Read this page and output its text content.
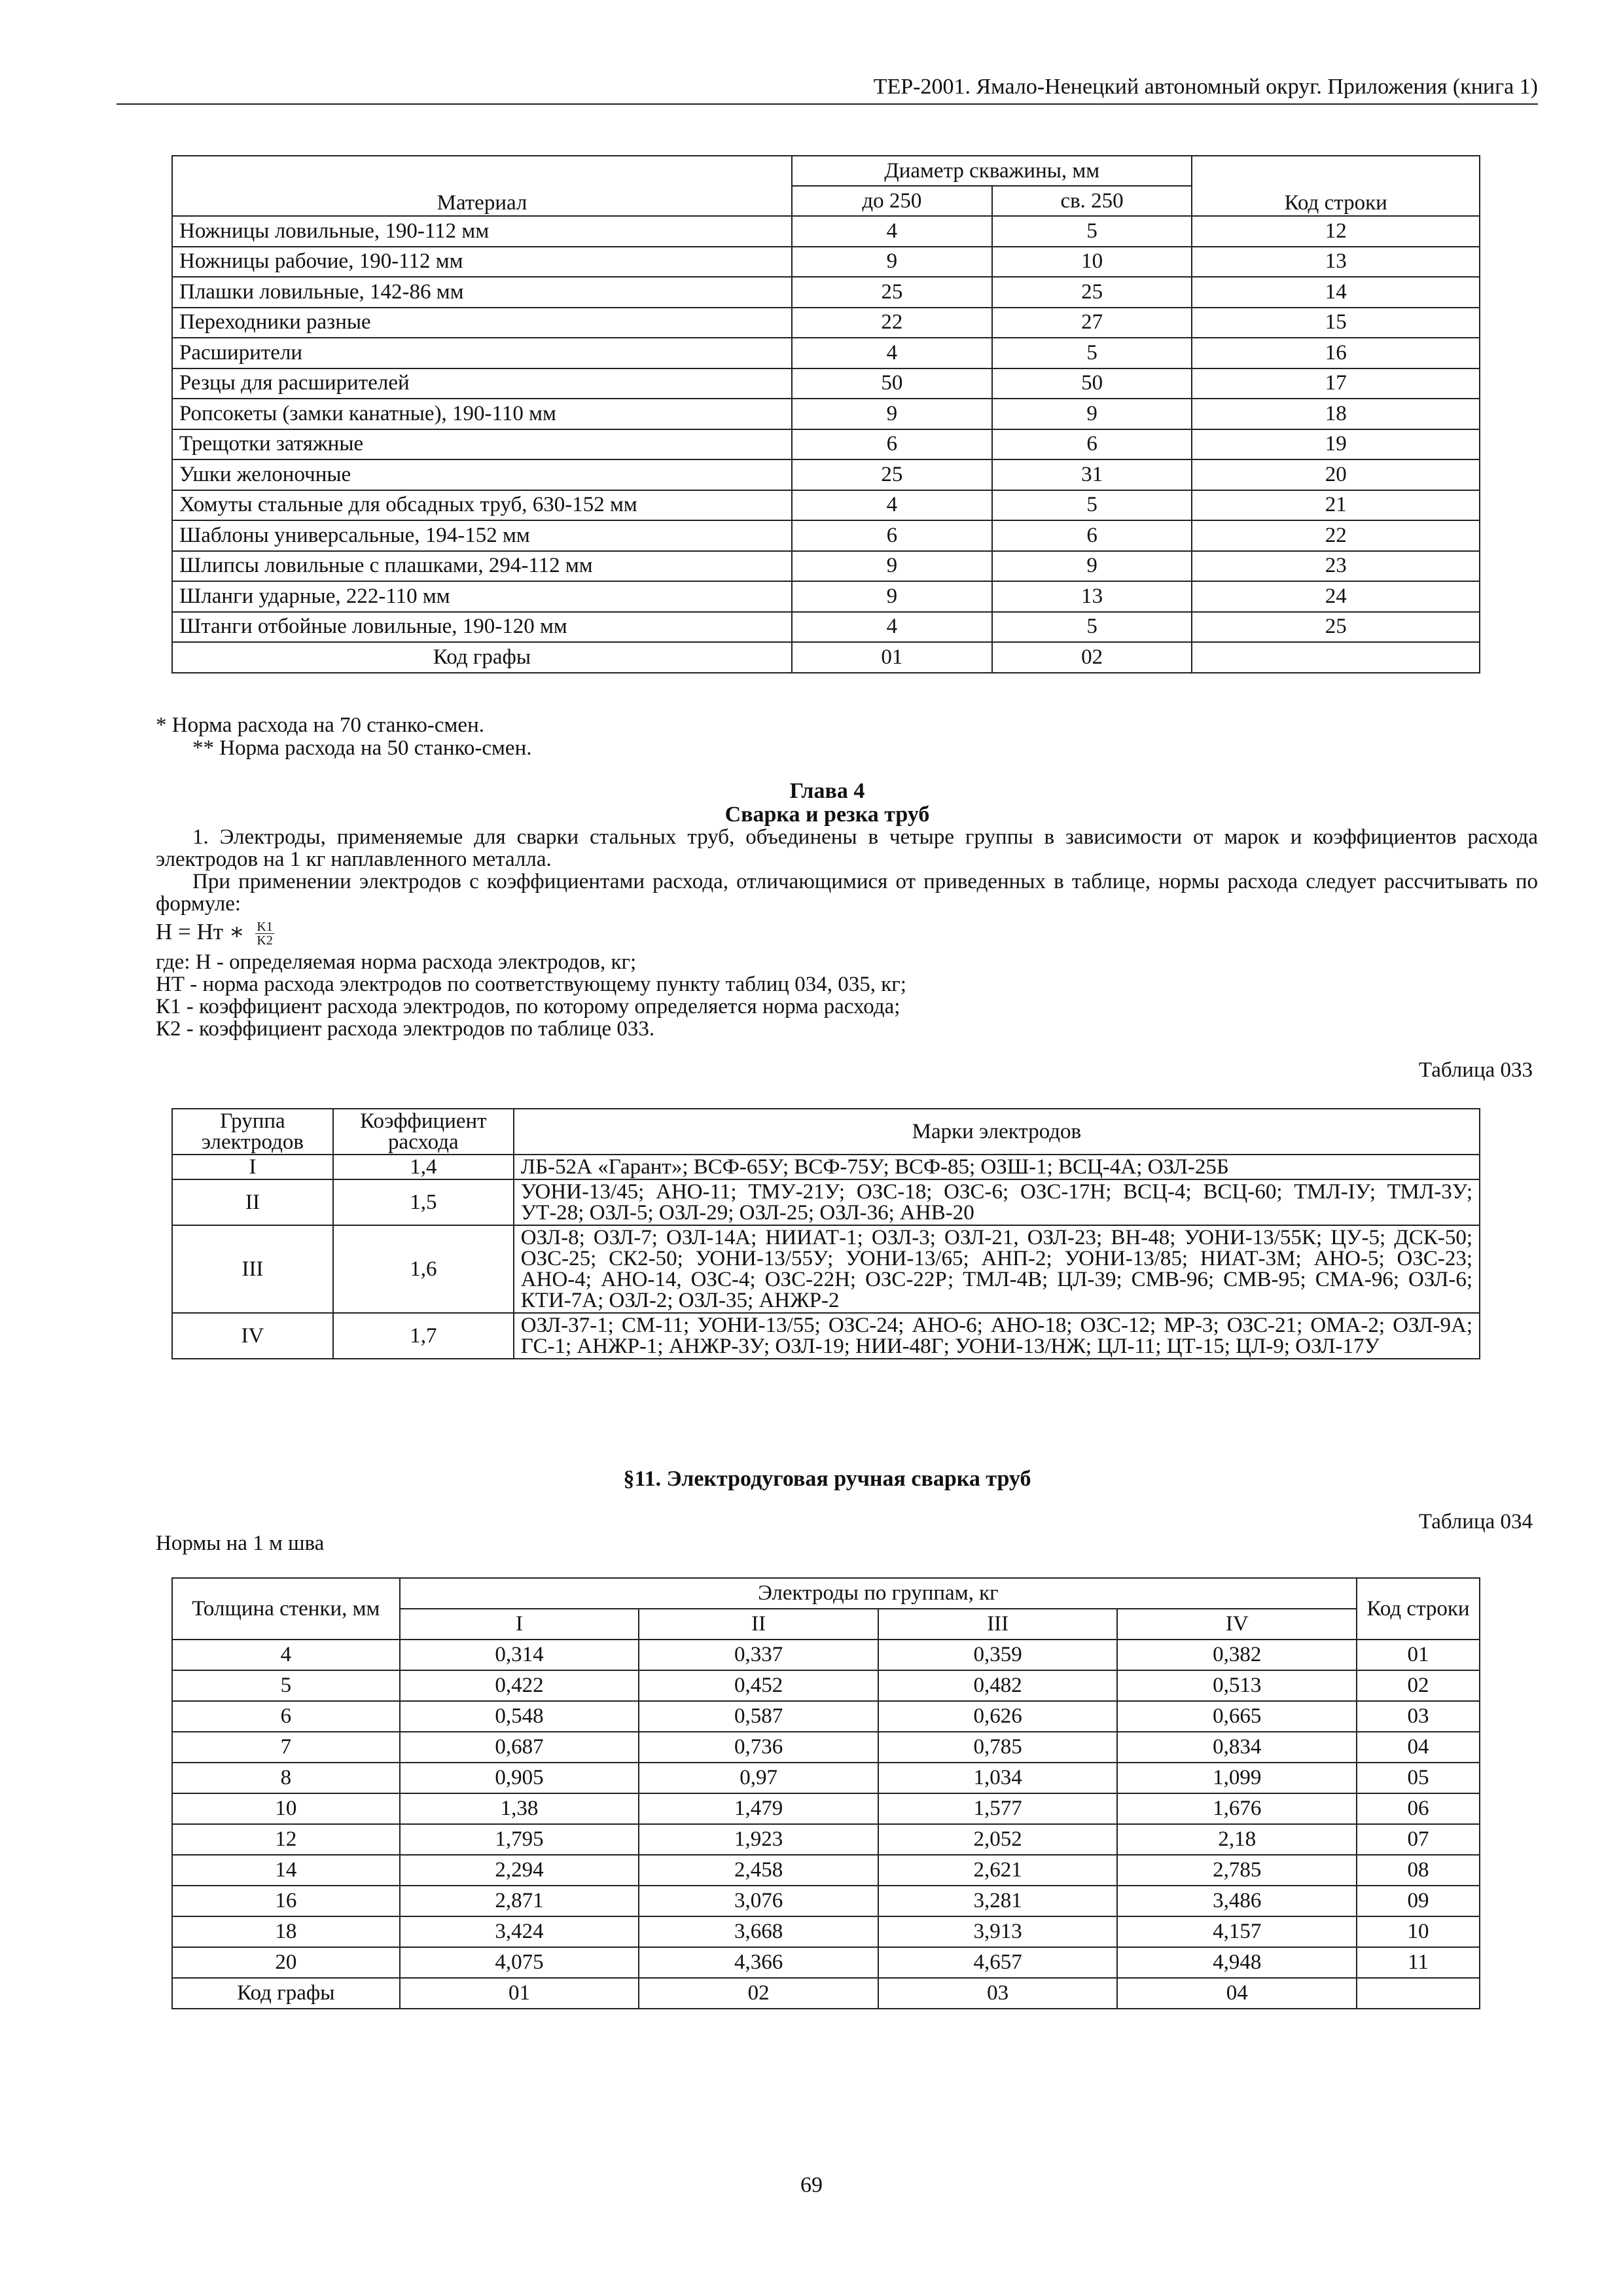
ТЕР-2001. Ямало-Ненецкий автономный округ. Приложения (книга 1)
Материал	Диаметр скважины, мм		Код строки
	до 250	св. 250	
Ножницы ловильные, 190-112 мм	4	5	12
Ножницы рабочие, 190-112 мм	9	10	13
Плашки ловильные, 142-86 мм	25	25	14
Переходники разные	22	27	15
Расширители	4	5	16
Резцы для расширителей	50	50	17
Ропсокеты (замки канатные), 190-110 мм	9	9	18
Трещотки затяжные	6	6	19
Ушки желоночные	25	31	20
Хомуты стальные для обсадных труб, 630-152 мм	4	5	21
Шаблоны универсальные, 194-152 мм	6	6	22
Шлипсы ловильные с плашками, 294-112 мм	9	9	23
Шланги ударные, 222-110 мм	9	13	24
Штанги отбойные ловильные, 190-120 мм	4	5	25
Код графы	01	02	
* Норма расхода на 70 станко-смен.
** Норма расхода на 50 станко-смен.
Глава 4
Сварка и резка труб
1. Электроды, применяемые для сварки стальных труб, объединены в четыре группы в зависимости от марок и коэффициентов расхода электродов на 1 кг наплавленного металла.
При применении электродов с коэффициентами расхода, отличающимися от приведенных в таблице, нормы расхода следует рассчитывать по формуле:
Н = Нт ∗ $\frac{K1}{K2}$
где: Н - определяемая норма расхода электродов, кг;
НТ - норма расхода электродов по соответствующему пункту таблиц 034, 035, кг;
К1 - коэффициент расхода электродов, по которому определяется норма расхода;
К2 - коэффициент расхода электродов по таблице 033.
Таблица 033
Группа электродов	Коэффициент расхода	Марки электродов
I	1,4	ЛБ-52А «Гарант»; ВСФ-65У; ВСФ-75У; ВСФ-85; ОЗШ-1; ВСЦ-4А; ОЗЛ-25Б
II	1,5	УОНИ-13/45; АНО-11; ТМУ-21У; ОЗС-18; ОЗС-6; ОЗС-17Н; ВСЦ-4; ВСЦ-60; ТМЛ-IУ; ТМЛ-3У; УТ-28; ОЗЛ-5; ОЗЛ-29; ОЗЛ-25; ОЗЛ-36; АНВ-20
III	1,6	ОЗЛ-8; ОЗЛ-7; ОЗЛ-14А; НИИАТ-1; ОЗЛ-3; ОЗЛ-21, ОЗЛ-23; ВН-48; УОНИ-13/55К; ЦУ-5; ДСК-50; ОЗС-25; СК2-50; УОНИ-13/55У; УОНИ-13/65; АНП-2; УОНИ-13/85; НИАТ-3М; АНО-5; ОЗС-23; АНО-4; АНО-14, ОЗС-4; ОЗС-22Н; ОЗС-22Р; ТМЛ-4В; ЦЛ-39; СМВ-96; СМВ-95; СМА-96; ОЗЛ-6; КТИ-7А; ОЗЛ-2; ОЗЛ-35; АНЖР-2
IV	1,7	ОЗЛ-37-1; СМ-11; УОНИ-13/55; ОЗС-24; АНО-6; АНО-18; ОЗС-12; МР-3; ОЗС-21; ОМА-2; ОЗЛ-9А; ГС-1; АНЖР-1; АНЖР-3У; ОЗЛ-19; НИИ-48Г; УОНИ-13/НЖ; ЦЛ-11; ЦТ-15; ЦЛ-9; ОЗЛ-17У
§11. Электродуговая ручная сварка труб
Таблица 034
Нормы на 1 м шва
Толщина стенки, мм	Электроды по группам, кг				Код строки
	I	II	III	IV	
4	0,314	0,337	0,359	0,382	01
5	0,422	0,452	0,482	0,513	02
6	0,548	0,587	0,626	0,665	03
7	0,687	0,736	0,785	0,834	04
8	0,905	0,97	1,034	1,099	05
10	1,38	1,479	1,577	1,676	06
12	1,795	1,923	2,052	2,18	07
14	2,294	2,458	2,621	2,785	08
16	2,871	3,076	3,281	3,486	09
18	3,424	3,668	3,913	4,157	10
20	4,075	4,366	4,657	4,948	11
Код графы	01	02	03	04	
69
